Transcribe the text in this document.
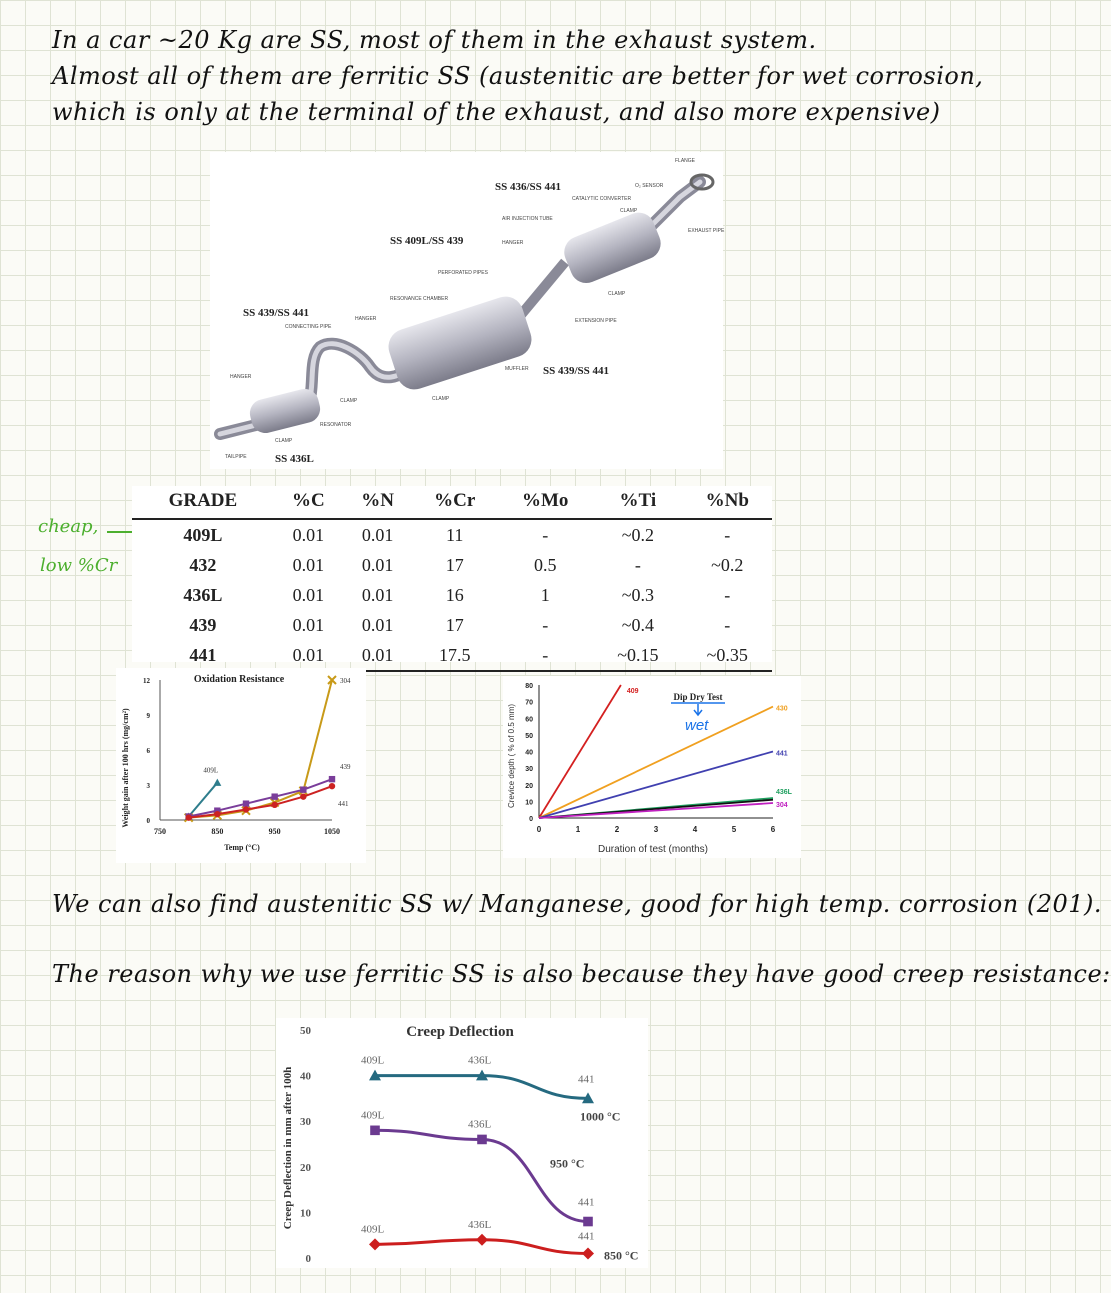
In a car ~20 Kg are SS, most of them in the exhaust system.
Almost all of them are ferritic SS (austenitic are better for wet corrosion,
which is only at the terminal of the exhaust, and also more expensive)
SS 436/SS 441
SS 409L/SS 439
SS 439/SS 441
SS 439/SS 441
SS 436L
FLANGE
O₂ SENSOR
CATALYTIC CONVERTER
CLAMP
EXHAUST PIPE
AIR INJECTION TUBE
HANGER
PERFORATED PIPES
RESONANCE CHAMBER
HANGER
CONNECTING PIPE
CLAMP
EXTENSION PIPE
MUFFLER
HANGER
CLAMP	CLAMP
RESONATOR
CLAMP
TAILPIPE
cheap,
low %Cr
GRADE	%C	%N	%Cr	%Mo	%Ti	%Nb
409L	0.01	0.01	11	-	~0.2	-
432	0.01	0.01	17	0.5	-	~0.2
436L	0.01	0.01	16	1	~0.3	-
439	0.01	0.01	17	-	~0.4	-
441	0.01	0.01	17.5	-	~0.15	~0.35
Oxidation Resistance
Temp (°C)
Weight gain after 100 hrs (mg/cm²) 0
3
6
9
12
750	850	950	1050
409L
304
439
441
Dip Dry Test
wet
Duration of test (months)
Crevice depth ( % of 0.5 mm)
0
10
20
30
40
50
60
70
80
0	1	2	3	4	5	6
409
430
441
436L
304
We can also find austenitic SS w/ Manganese, good for high temp. corrosion (201).
The reason why we use ferritic SS is also because they have good creep resistance:
Creep Deflection
Creep Deflection in mm after 100h
0
10
20
30
40
50
409L	436L
441
409L
436L
441
409L	436L
441
1000 °C
950 °C
850 °C
